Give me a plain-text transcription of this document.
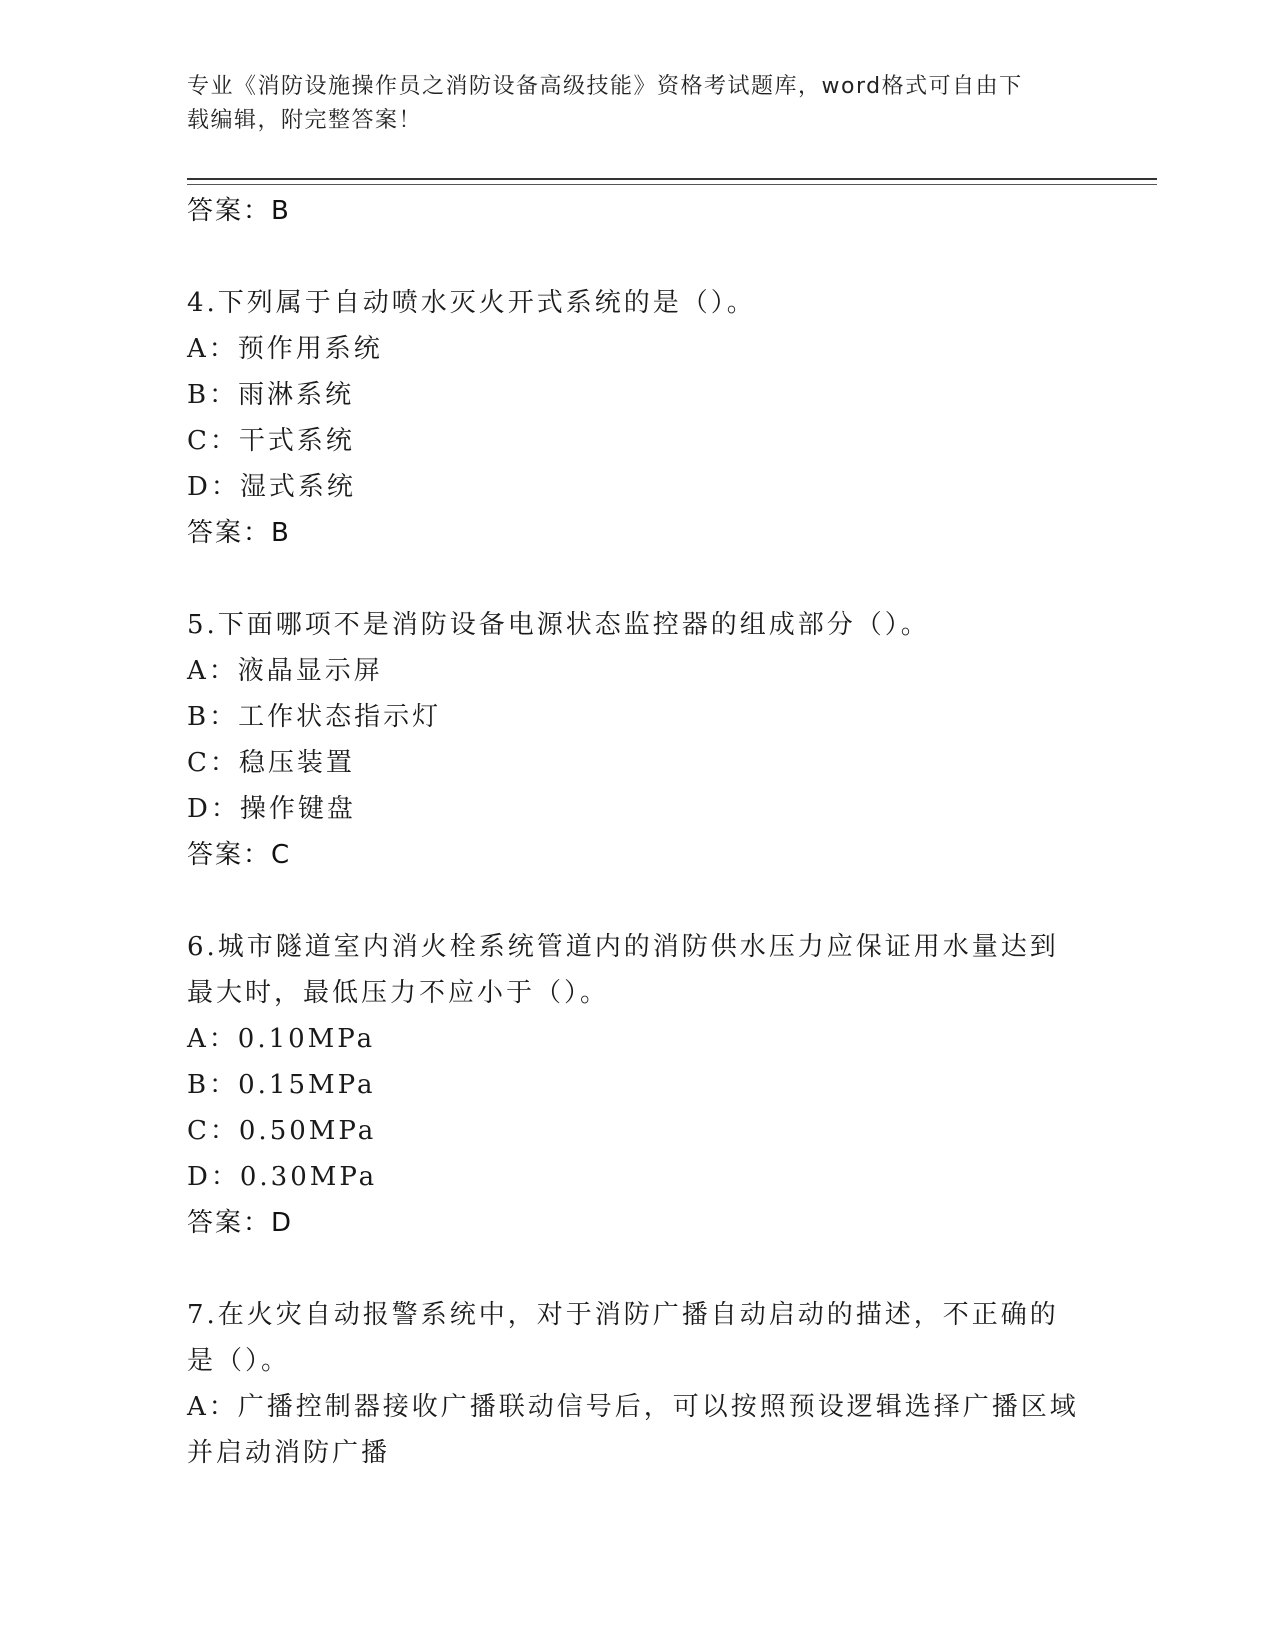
专业《消防设施操作员之消防设备高级技能》资格考试题库，word格式可自由下
载编辑，附完整答案！
答案：B
4.下列属于自动喷水灭火开式系统的是（）。
A：预作用系统
B：雨淋系统
C：干式系统
D：湿式系统
答案：B
5.下面哪项不是消防设备电源状态监控器的组成部分（）。
A：液晶显示屏
B：工作状态指示灯
C：稳压装置
D：操作键盘
答案：C
6.城市隧道室内消火栓系统管道内的消防供水压力应保证用水量达到
最大时，最低压力不应小于（）。
A：0.10MPa
B：0.15MPa
C：0.50MPa
D：0.30MPa
答案：D
7.在火灾自动报警系统中，对于消防广播自动启动的描述，不正确的
是（）。
A：广播控制器接收广播联动信号后，可以按照预设逻辑选择广播区域
并启动消防广播
